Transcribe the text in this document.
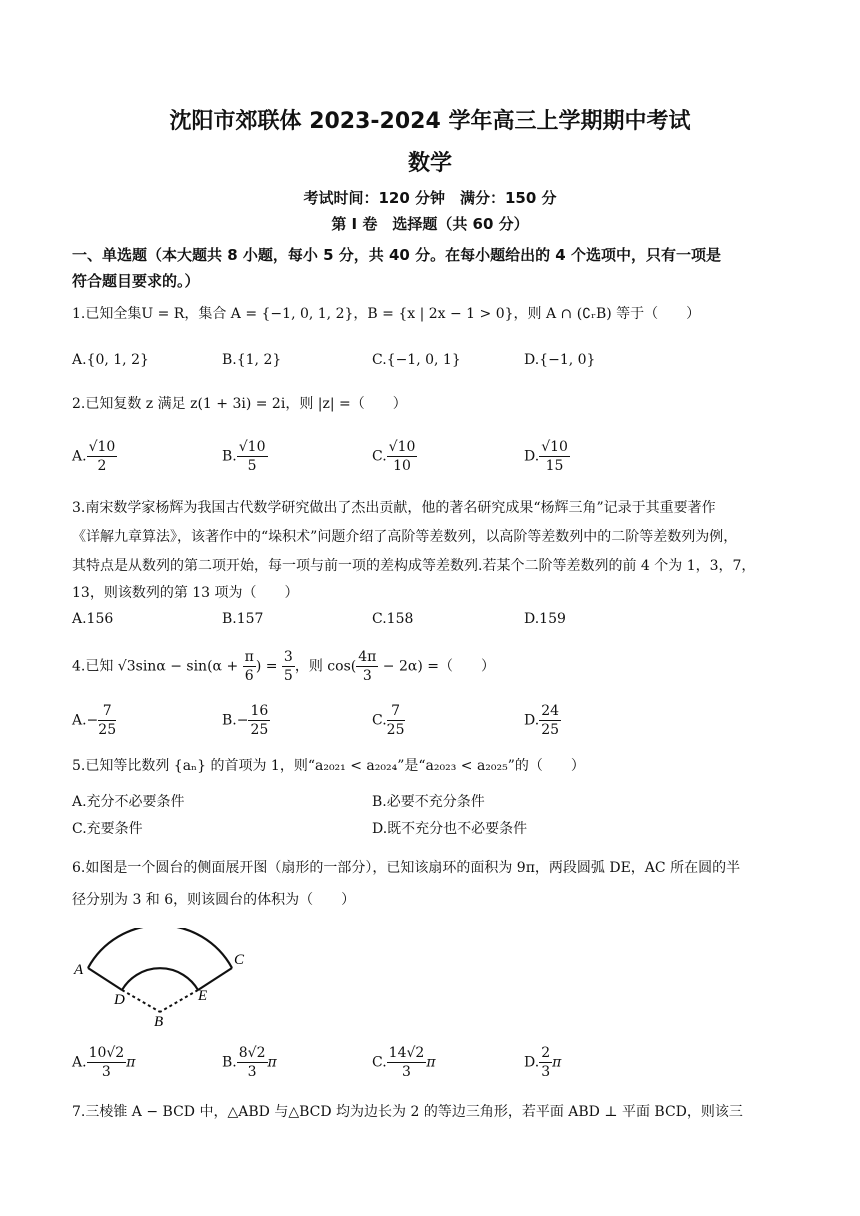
沈阳市郊联体 2023-2024 学年高三上学期期中考试
数学
考试时间：120 分钟　满分：150 分
第 I 卷　选择题（共 60 分）
一、单选题（本大题共 8 小题，每小 5 分，共 40 分。在每小题给出的 4 个选项中，只有一项是
符合题目要求的。）
1.已知全集U = R，集合 A = {−1, 0, 1, 2}，B = {x | 2x − 1 > 0}，则 A ∩ (∁ᵣB) 等于（　　）
A.{0, 1, 2}	B.{1, 2}	C.{−1, 0, 1}	D.{−1, 0}
2.已知复数 z 满足 z(1 + 3i) = 2i，则 |z| =（　　）
A. $\frac{√10}{2}$	B. $\frac{√10}{5}$	C. $\frac{√10}{10}$	D. $\frac{√10}{15}$
3.南宋数学家杨辉为我国古代数学研究做出了杰出贡献，他的著名研究成果“杨辉三角”记录于其重要著作
《详解九章算法》，该著作中的“垛积术”问题介绍了高阶等差数列，以高阶等差数列中的二阶等差数列为例，
其特点是从数列的第二项开始，每一项与前一项的差构成等差数列.若某个二阶等差数列的前 4 个为 1，3，7，
13，则该数列的第 13 项为（　　）
A.156	B.157	C.158	D.159
4.已知 $√3\sin\alpha - \sin(\alpha + \frac{\pi}{6}$ ) = $\frac{3}{5}$ ，则 $\cos( \frac{4\pi}{3} - 2\alpha)$ =（　　）
$A.- \frac{7}{25}$	$B.- \frac{16}{25}$	C. $\frac{7}{25}$	D. $\frac{24}{25}$
5.已知等比数列 {aₙ} 的首项为 1，则“a₂₀₂₁ < a₂₀₂₄”是“a₂₀₂₃ < a₂₀₂₅”的（　　）
A.充分不必要条件	B.必要不充分条件
C.充要条件	D.既不充分也不必要条件
6.如图是一个圆台的侧面展开图（扇形的一部分），已知该扇环的面积为 9π，两段圆弧 DE，AC 所在圆的半
径分别为 3 和 6，则该圆台的体积为（　　）
A
C
D	E
B
A. $\frac{10√2}{3}$ π	B. $\frac{8√2}{3}$ π	C. $\frac{14√2}{3}$ π	D. $\frac{2}{3}$ π
7.三棱锥 A − BCD 中，△ABD 与△BCD 均为边长为 2 的等边三角形，若平面 ABD ⊥ 平面 BCD，则该三
